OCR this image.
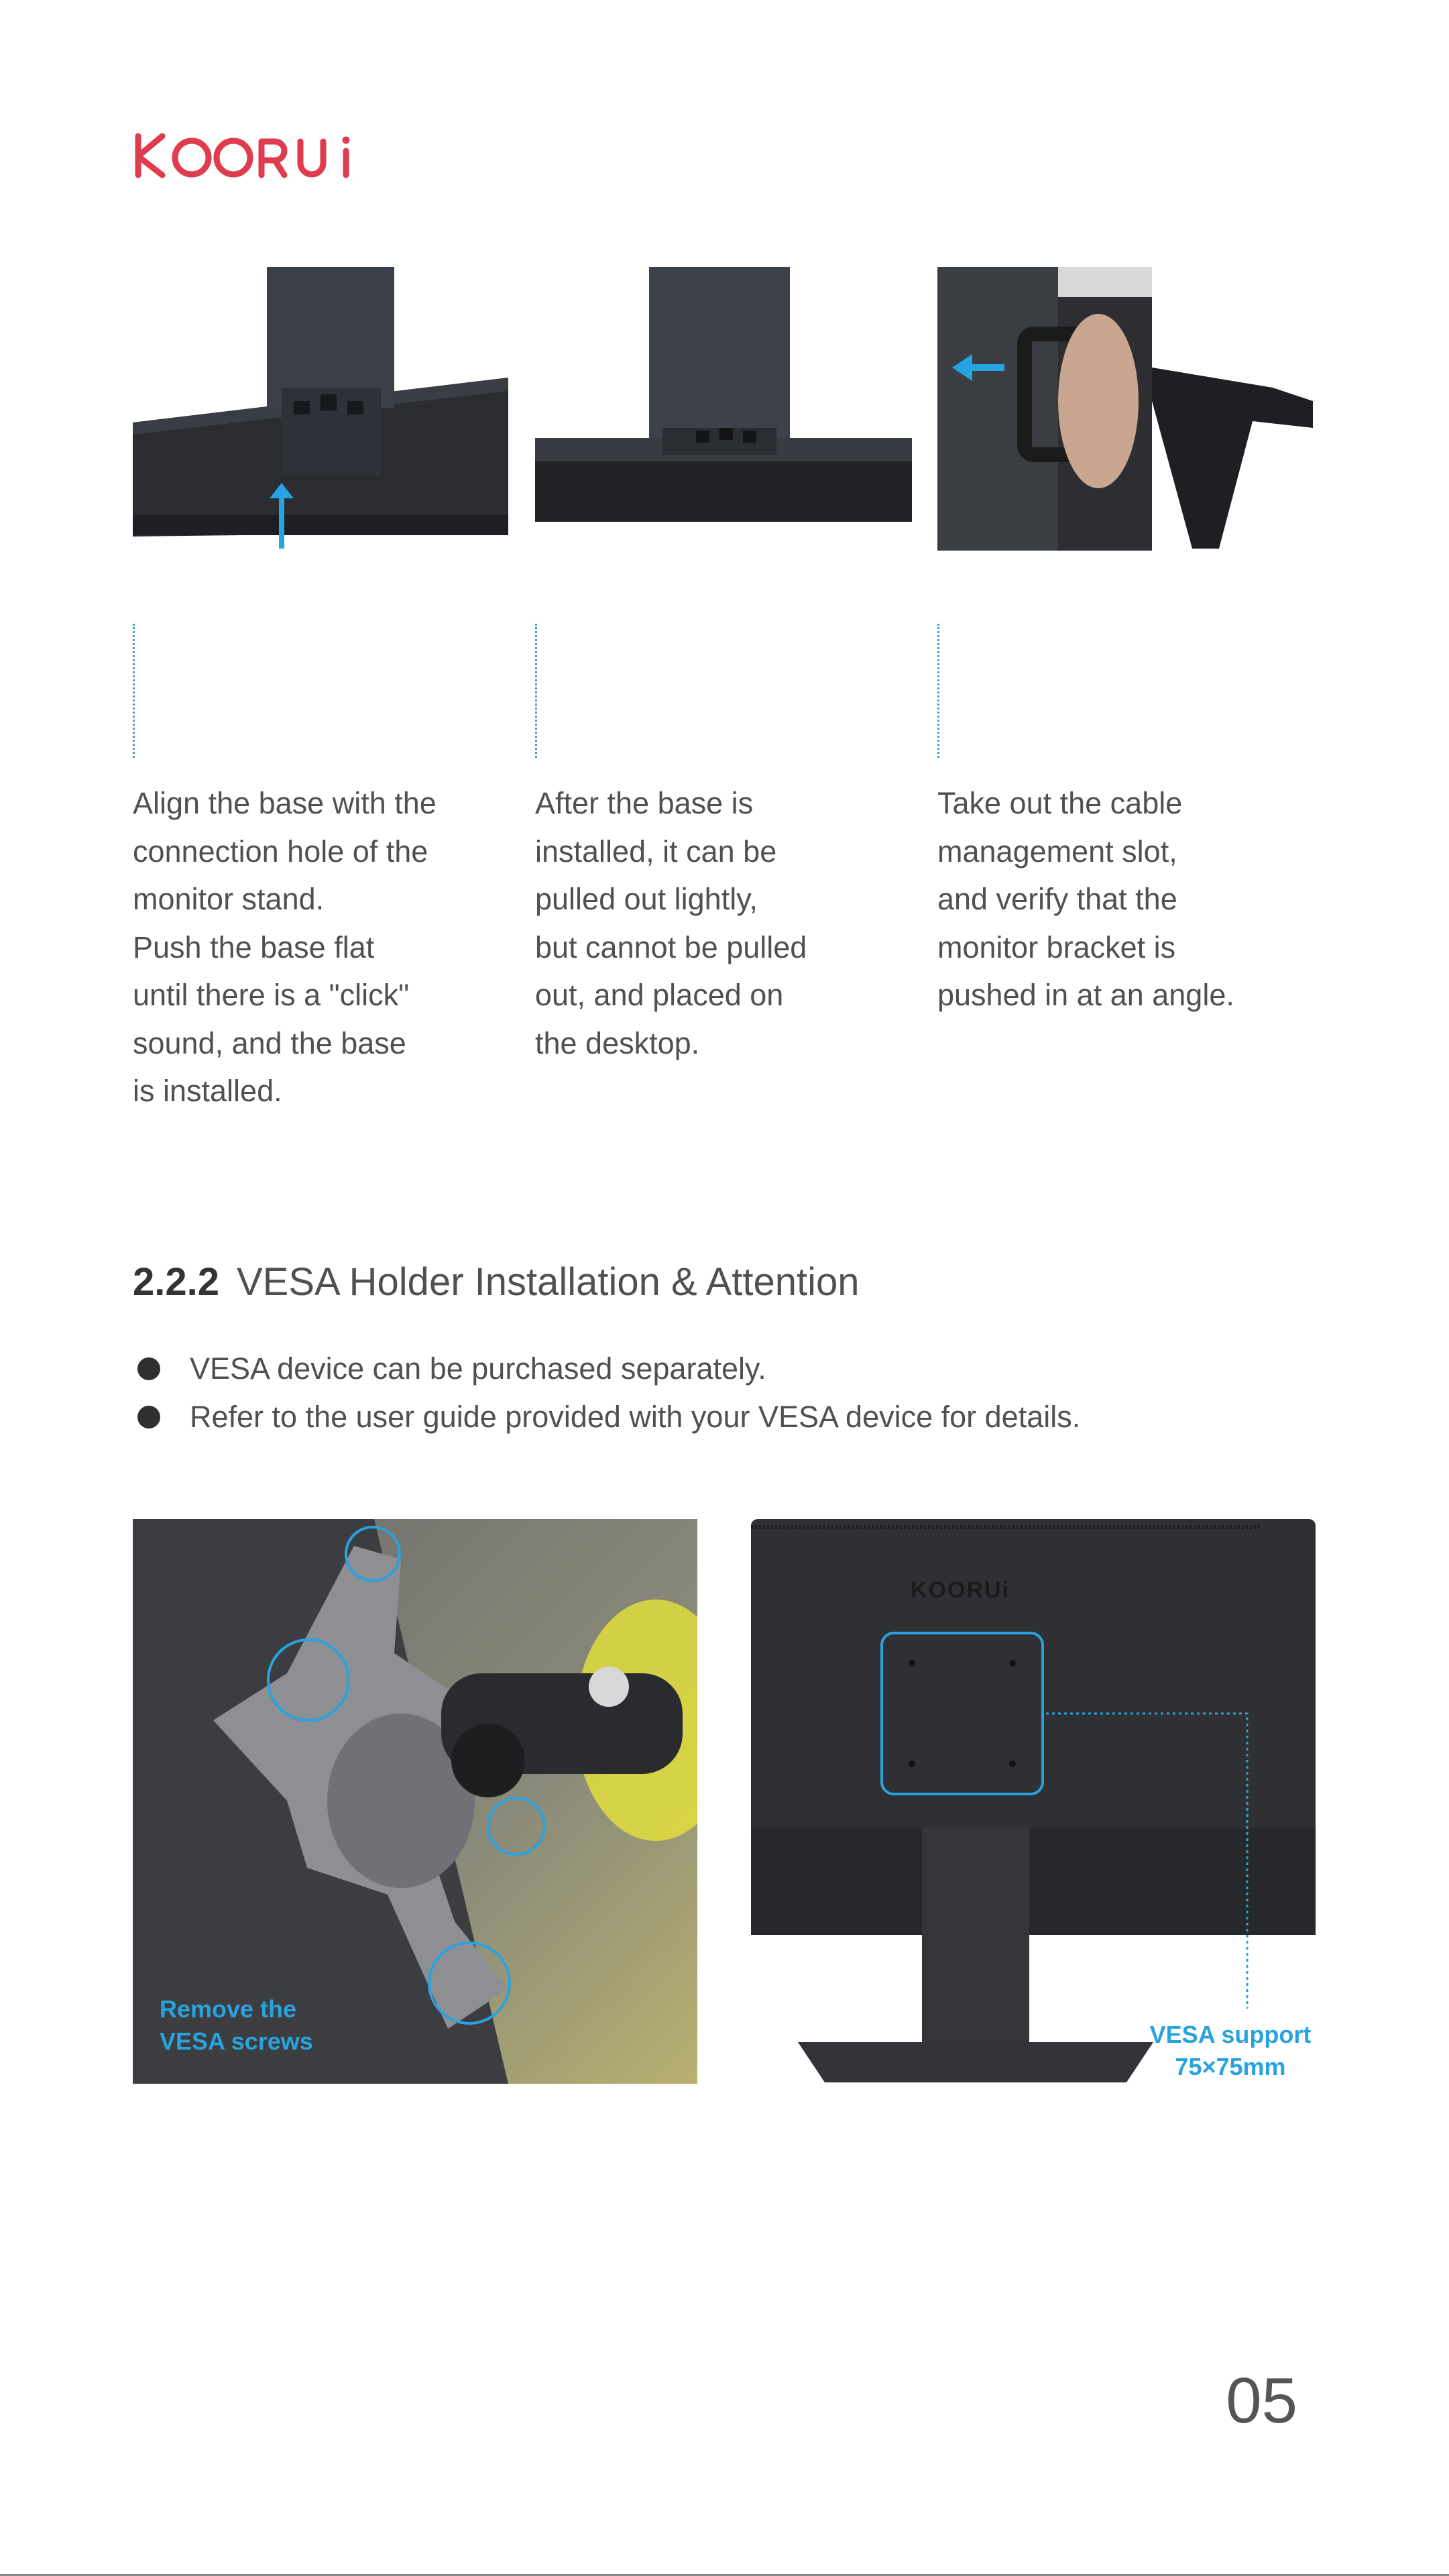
Align the base with the
connection hole of the
monitor stand.
Push the base flat
until there is a "click"
sound, and the base
is installed.
After the base is
installed, it can be
pulled out lightly,
but cannot be pulled
out, and placed on
the desktop.
Take out the cable
management slot,
and verify that the
monitor bracket is
pushed in at an angle.
2.2.2 VESA Holder Installation & Attention
VESA device can be purchased separately.
Refer to the user guide provided with your VESA device for details.
Remove the
VESA screws
KOORUi
VESA support
75×75mm
05
